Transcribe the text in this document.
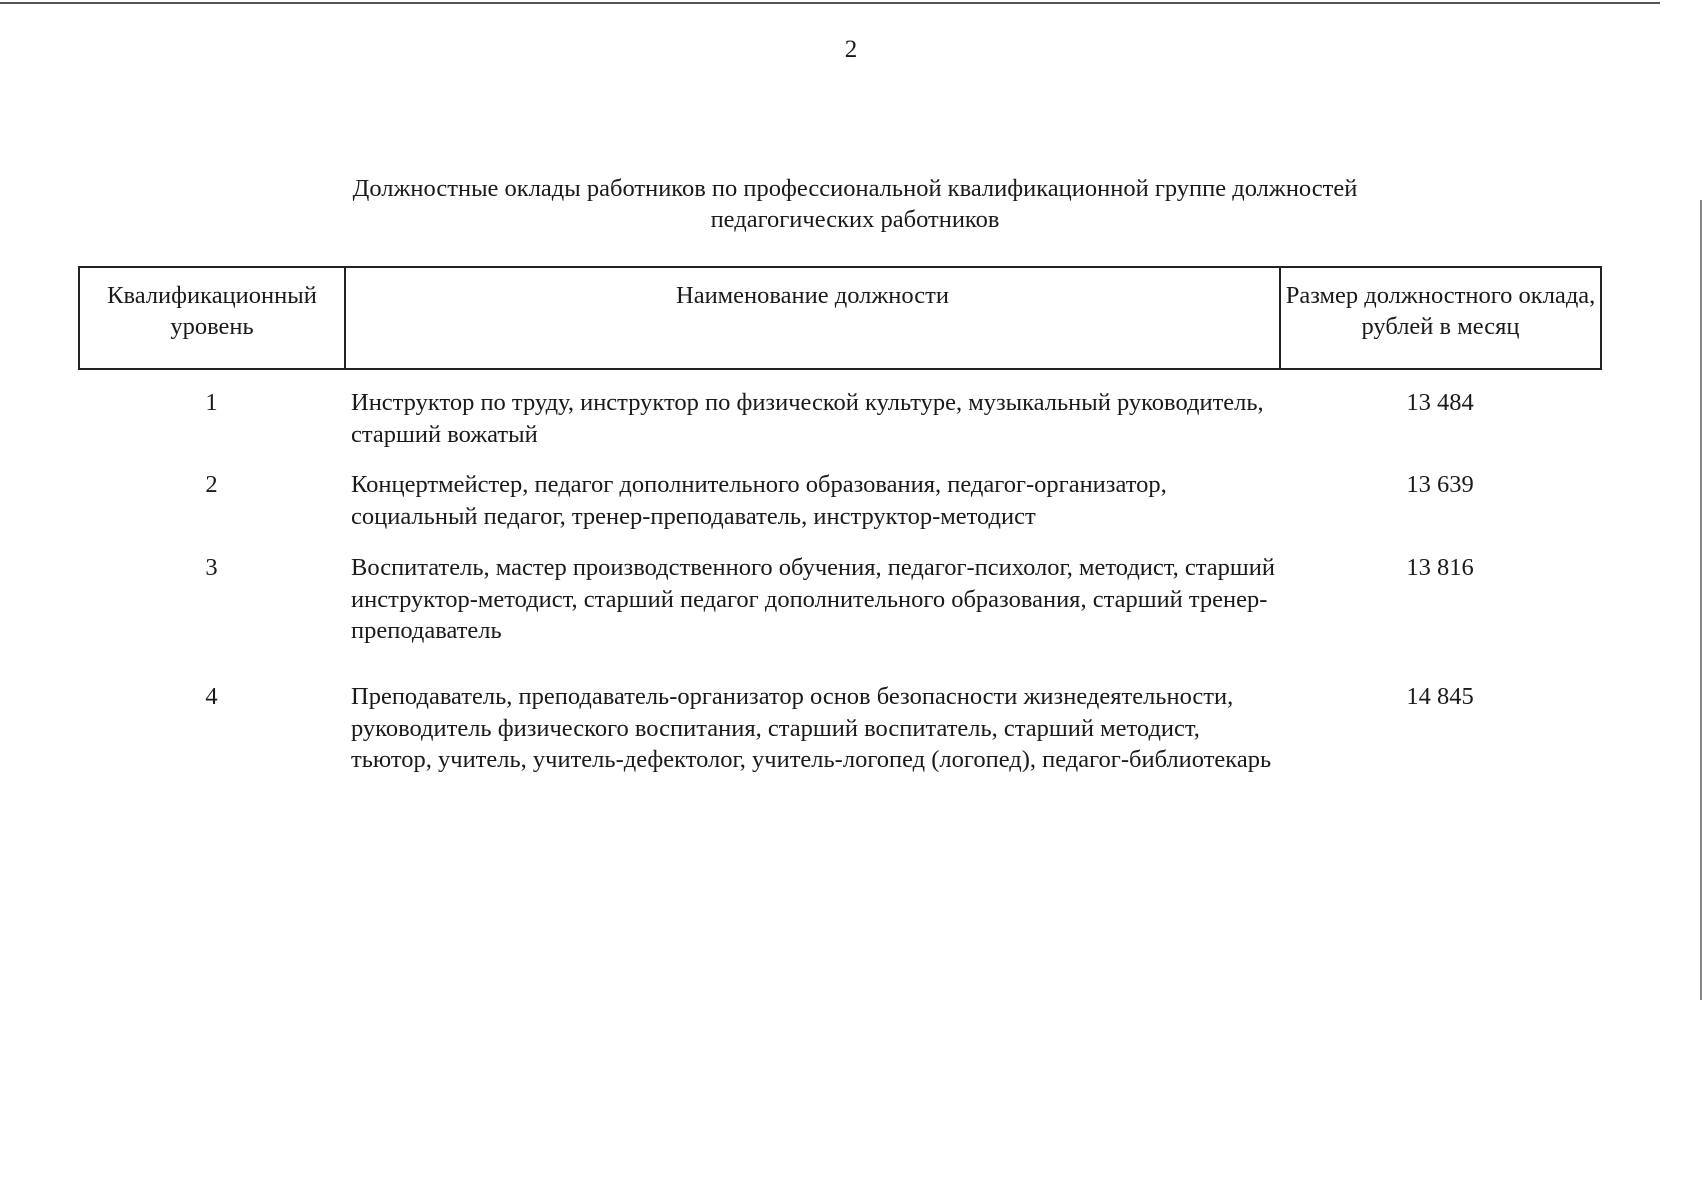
2
Должностные оклады работников по профессиональной квалификационной группе должностей
педагогических работников
Квалификационный уровень	Наименование должности	Размер должностного оклада, рублей в месяц
1	Инструктор по труду, инструктор по физической культуре, музыкальный руководитель, старший вожатый	13 484
2	Концертмейстер, педагог дополнительного образования, педагог-организатор, социальный педагог, тренер-преподаватель, инструктор-методист	13 639
3	Воспитатель, мастер производственного обучения, педагог-психолог, методист, старший инструктор-методист, старший педагог дополнительного образования, старший тренер-преподаватель	13 816
4	Преподаватель, преподаватель-организатор основ безопасности жизнедеятельности, руководитель физического воспитания, старший воспитатель, старший методист, тьютор, учитель, учитель-дефектолог, учитель-логопед (логопед), педагог-библиотекарь	14 845
